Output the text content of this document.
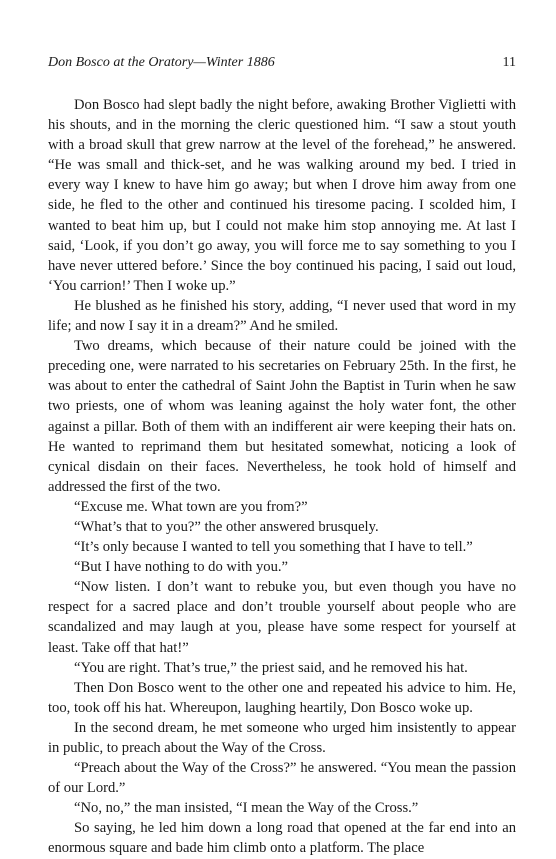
Don Bosco at the Oratory—Winter 1886	11

Don Bosco had slept badly the night before, awaking Brother Viglietti with his shouts, and in the morning the cleric questioned him. “I saw a stout youth with a broad skull that grew narrow at the level of the forehead,” he answered. “He was small and thick-set, and he was walking around my bed. I tried in every way I knew to have him go away; but when I drove him away from one side, he fled to the other and continued his tiresome pacing. I scolded him, I wanted to beat him up, but I could not make him stop annoying me. At last I said, ‘Look, if you don’t go away, you will force me to say something to you I have never uttered before.’ Since the boy continued his pacing, I said out loud, ‘You carrion!’ Then I woke up.”

He blushed as he finished his story, adding, “I never used that word in my life; and now I say it in a dream?” And he smiled.

Two dreams, which because of their nature could be joined with the preceding one, were narrated to his secretaries on February 25th. In the first, he was about to enter the cathedral of Saint John the Baptist in Turin when he saw two priests, one of whom was leaning against the holy water font, the other against a pillar. Both of them with an indifferent air were keeping their hats on. He wanted to reprimand them but hesitated somewhat, noticing a look of cynical disdain on their faces. Nevertheless, he took hold of himself and addressed the first of the two.

“Excuse me. What town are you from?”

“What’s that to you?” the other answered brusquely.

“It’s only because I wanted to tell you something that I have to tell.”

“But I have nothing to do with you.”

“Now listen. I don’t want to rebuke you, but even though you have no respect for a sacred place and don’t trouble yourself about people who are scandalized and may laugh at you, please have some respect for yourself at least. Take off that hat!”

“You are right. That’s true,” the priest said, and he removed his hat.

Then Don Bosco went to the other one and repeated his advice to him. He, too, took off his hat. Whereupon, laughing heartily, Don Bosco woke up.

In the second dream, he met someone who urged him insistently to appear in public, to preach about the Way of the Cross.

“Preach about the Way of the Cross?” he answered. “You mean the passion of our Lord.”

“No, no,” the man insisted, “I mean the Way of the Cross.”

So saying, he led him down a long road that opened at the far end into an enormous square and bade him climb onto a platform. The place
